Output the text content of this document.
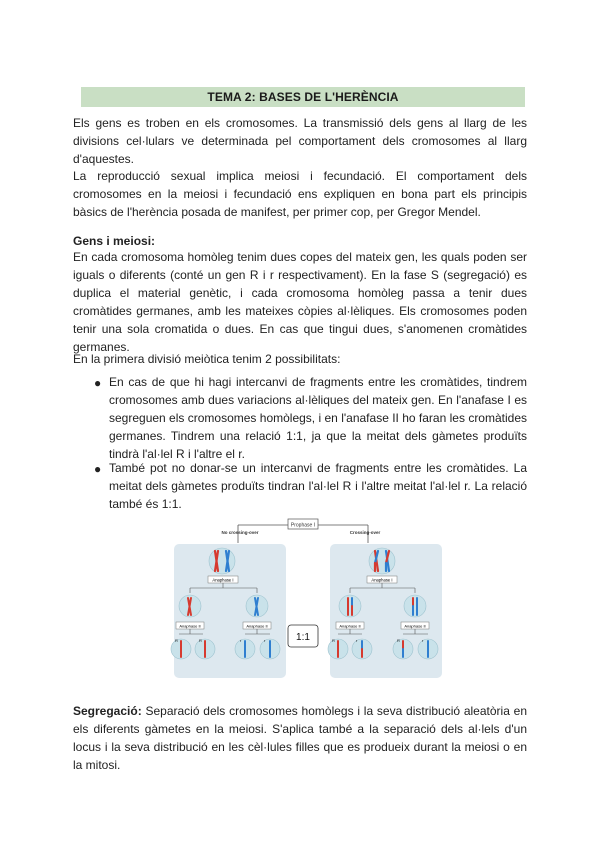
TEMA 2: BASES DE L'HERÈNCIA

Els gens es troben en els cromosomes. La transmissió dels gens al llarg de les divisions cel·lulars ve determinada pel comportament dels cromosomes al llarg d'aquestes.

La reproducció sexual implica meiosi i fecundació. El comportament dels cromosomes en la meiosi i fecundació ens expliquen en bona part els principis bàsics de l'herència posada de manifest, per primer cop, per Gregor Mendel.

Gens i meiosi:

En cada cromosoma homòleg tenim dues copes del mateix gen, les quals poden ser iguals o diferents (conté un gen R i r respectivament). En la fase S (segregació) es duplica el material genètic, i cada cromosoma homòleg passa a tenir dues cromàtides germanes, amb les mateixes còpies al·lèliques. Els cromosomes poden tenir una sola cromatida o dues. En cas que tingui dues, s'anomenen cromàtides germanes.

En la primera divisió meiòtica tenim 2 possibilitats:

● En cas de que hi hagi intercanvi de fragments entre les cromàtides, tindrem cromosomes amb dues variacions al·lèliques del mateix gen. En l'anafase I es segreguen els cromosomes homòlegs, i en l'anafase II ho faran les cromàtides germanes. Tindrem una relació 1:1, ja que la meitat dels gàmetes produïts tindrà l'al·lel R i l'altre el r.

● També pot no donar-se un intercanvi de fragments entre les cromàtides. La meitat dels gàmetes produïts tindran l'al·lel R i l'altre meitat l'al·lel r. La relació també és 1:1.

Prophase I
No crossing-over	Crossing-over
Anaphase I
Anaphase II	Anaphase II
R	R	r	r	1:1
Anaphase I
Anaphase II	Anaphase II
R	r	R	r

Segregació: Separació dels cromosomes homòlegs i la seva distribució aleatòria en els diferents gàmetes en la meiosi. S'aplica també a la separació dels al·lels d'un locus i la seva distribució en les cèl·lules filles que es produeix durant la meiosi o en la mitosi.
